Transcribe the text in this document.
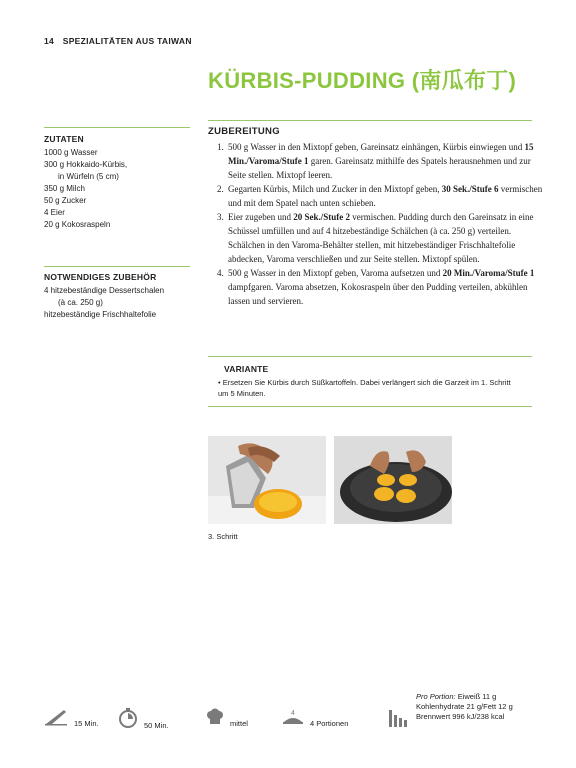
14 SPEZIALITÄTEN AUS TAIWAN
KÜRBIS-PUDDING (南瓜布丁)
ZUTATEN
1000 g Wasser
300 g Hokkaido-Kürbis,
in Würfeln (5 cm)
350 g Milch
50 g Zucker
4 Eier
20 g Kokosraspeln
NOTWENDIGES ZUBEHÖR
4 hitzebeständige Dessertschalen
(à ca. 250 g)
hitzebeständige Frischhaltefolie
ZUBEREITUNG
1. 500 g Wasser in den Mixtopf geben, Gareinsatz einhängen, Kürbis einwiegen und 15 Min./Varoma/Stufe 1 garen. Gareinsatz mithilfe des Spatels herausnehmen und zur Seite stellen. Mixtopf leeren.
2. Gegarten Kürbis, Milch und Zucker in den Mixtopf geben, 30 Sek./Stufe 6 vermischen und mit dem Spatel nach unten schieben.
3. Eier zugeben und 20 Sek./Stufe 2 vermischen. Pudding durch den Gareinsatz in eine Schüssel umfüllen und auf 4 hitzebeständige Schälchen (à ca. 250 g) verteilen. Schälchen in den Varoma-Behälter stellen, mit hitzebeständiger Frischhaltefolie abdecken, Varoma verschließen und zur Seite stellen. Mixtopf spülen.
4. 500 g Wasser in den Mixtopf geben, Varoma aufsetzen und 20 Min./Varoma/Stufe 1 dampfgaren. Varoma absetzen, Kokosraspeln über den Pudding verteilen, abkühlen lassen und servieren.
VARIANTE
• Ersetzen Sie Kürbis durch Süßkartoffeln. Dabei verlängert sich die Garzeit im 1. Schritt um 5 Minuten.
3. Schritt
15 Min.	50 Min.	mittel
4
4 Portionen
Pro Portion: Eiweiß 11 g
Kohlenhydrate 21 g/Fett 12 g
Brennwert 996 kJ/238 kcal
